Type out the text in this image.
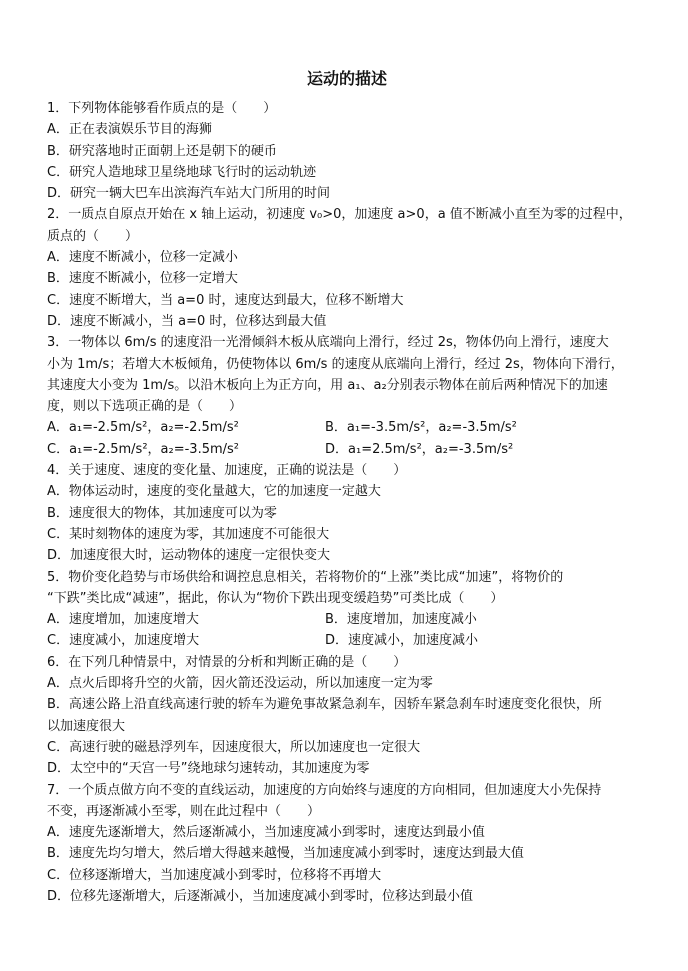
运动的描述
1．下列物体能够看作质点的是（　　）
A．正在表演娱乐节目的海狮
B．研究落地时正面朝上还是朝下的硬币
C．研究人造地球卫星绕地球飞行时的运动轨迹
D．研究一辆大巴车出滨海汽车站大门所用的时间
2．一质点自原点开始在 x 轴上运动，初速度 v₀>0，加速度 a>0，a 值不断减小直至为零的过程中，
质点的（　　）
A．速度不断减小，位移一定减小
B．速度不断减小，位移一定增大
C．速度不断增大，当 a=0 时，速度达到最大，位移不断增大
D．速度不断减小，当 a=0 时，位移达到最大值
3．一物体以 6m/s 的速度沿一光滑倾斜木板从底端向上滑行，经过 2s，物体仍向上滑行，速度大
小为 1m/s；若增大木板倾角，仍使物体以 6m/s 的速度从底端向上滑行，经过 2s，物体向下滑行，
其速度大小变为 1m/s。以沿木板向上为正方向，用 a₁、a₂分别表示物体在前后两种情况下的加速
度，则以下选项正确的是（　　）
A．a₁=-2.5m/s²，a₂=-2.5m/s²	B．a₁=-3.5m/s²，a₂=-3.5m/s²
C．a₁=-2.5m/s²，a₂=-3.5m/s²	D．a₁=2.5m/s²，a₂=-3.5m/s²
4．关于速度、速度的变化量、加速度，正确的说法是（　　）
A．物体运动时，速度的变化量越大，它的加速度一定越大
B．速度很大的物体，其加速度可以为零
C．某时刻物体的速度为零，其加速度不可能很大
D．加速度很大时，运动物体的速度一定很快变大
5．物价变化趋势与市场供给和调控息息相关，若将物价的“上涨”类比成“加速”，将物价的
“下跌”类比成“减速”，据此，你认为“物价下跌出现变缓趋势”可类比成（　　）
A．速度增加，加速度增大	B．速度增加，加速度减小
C．速度减小，加速度增大	D．速度减小，加速度减小
6．在下列几种情景中，对情景的分析和判断正确的是（　　）
A．点火后即将升空的火箭，因火箭还没运动，所以加速度一定为零
B．高速公路上沿直线高速行驶的轿车为避免事故紧急刹车，因轿车紧急刹车时速度变化很快，所
以加速度很大
C．高速行驶的磁悬浮列车，因速度很大，所以加速度也一定很大
D．太空中的“天宫一号”绕地球匀速转动，其加速度为零
7．一个质点做方向不变的直线运动，加速度的方向始终与速度的方向相同，但加速度大小先保持
不变，再逐渐减小至零，则在此过程中（　　）
A．速度先逐渐增大，然后逐渐减小，当加速度减小到零时，速度达到最小值
B．速度先均匀增大，然后增大得越来越慢，当加速度减小到零时，速度达到最大值
C．位移逐渐增大，当加速度减小到零时，位移将不再增大
D．位移先逐渐增大，后逐渐减小，当加速度减小到零时，位移达到最小值
